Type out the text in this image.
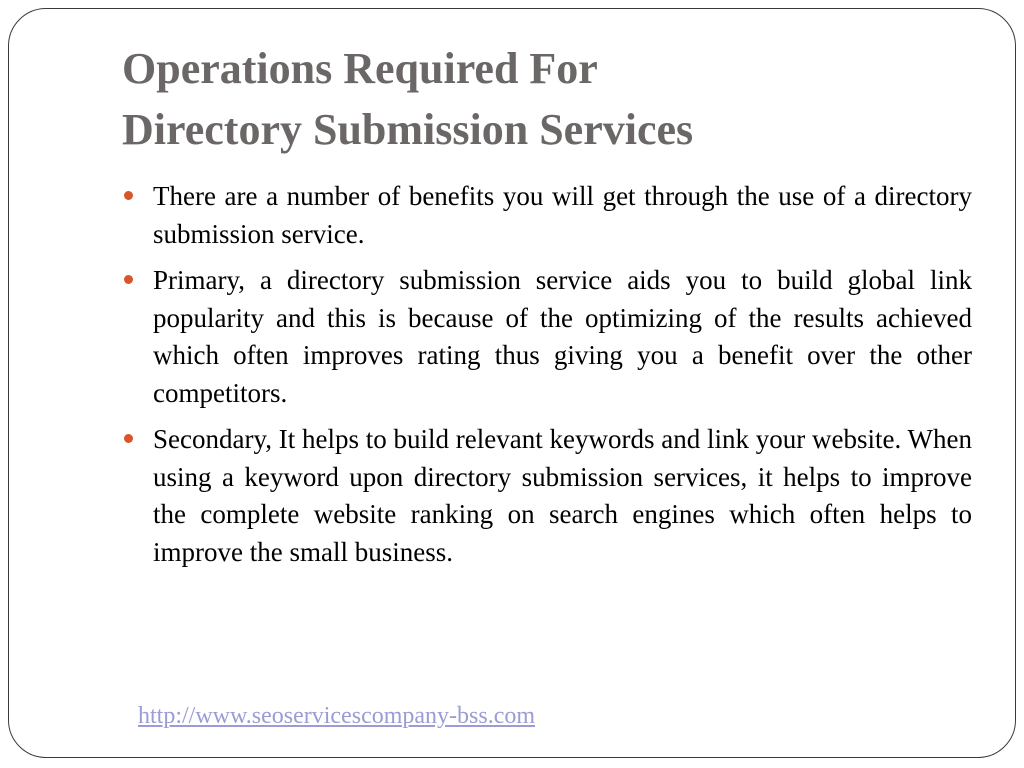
Operations Required For
Directory Submission Services
There are a number of benefits you will get through the use of a directory submission service.
Primary, a directory submission service aids you to build global link popularity and this is because of the optimizing of the results achieved which often improves rating thus giving you a benefit over the other competitors.
Secondary, It helps to build relevant keywords and link your website. When using a keyword upon directory submission services, it helps to improve the complete website ranking on search engines which often helps to improve the small business.
http://www.seoservicescompany-bss.com
